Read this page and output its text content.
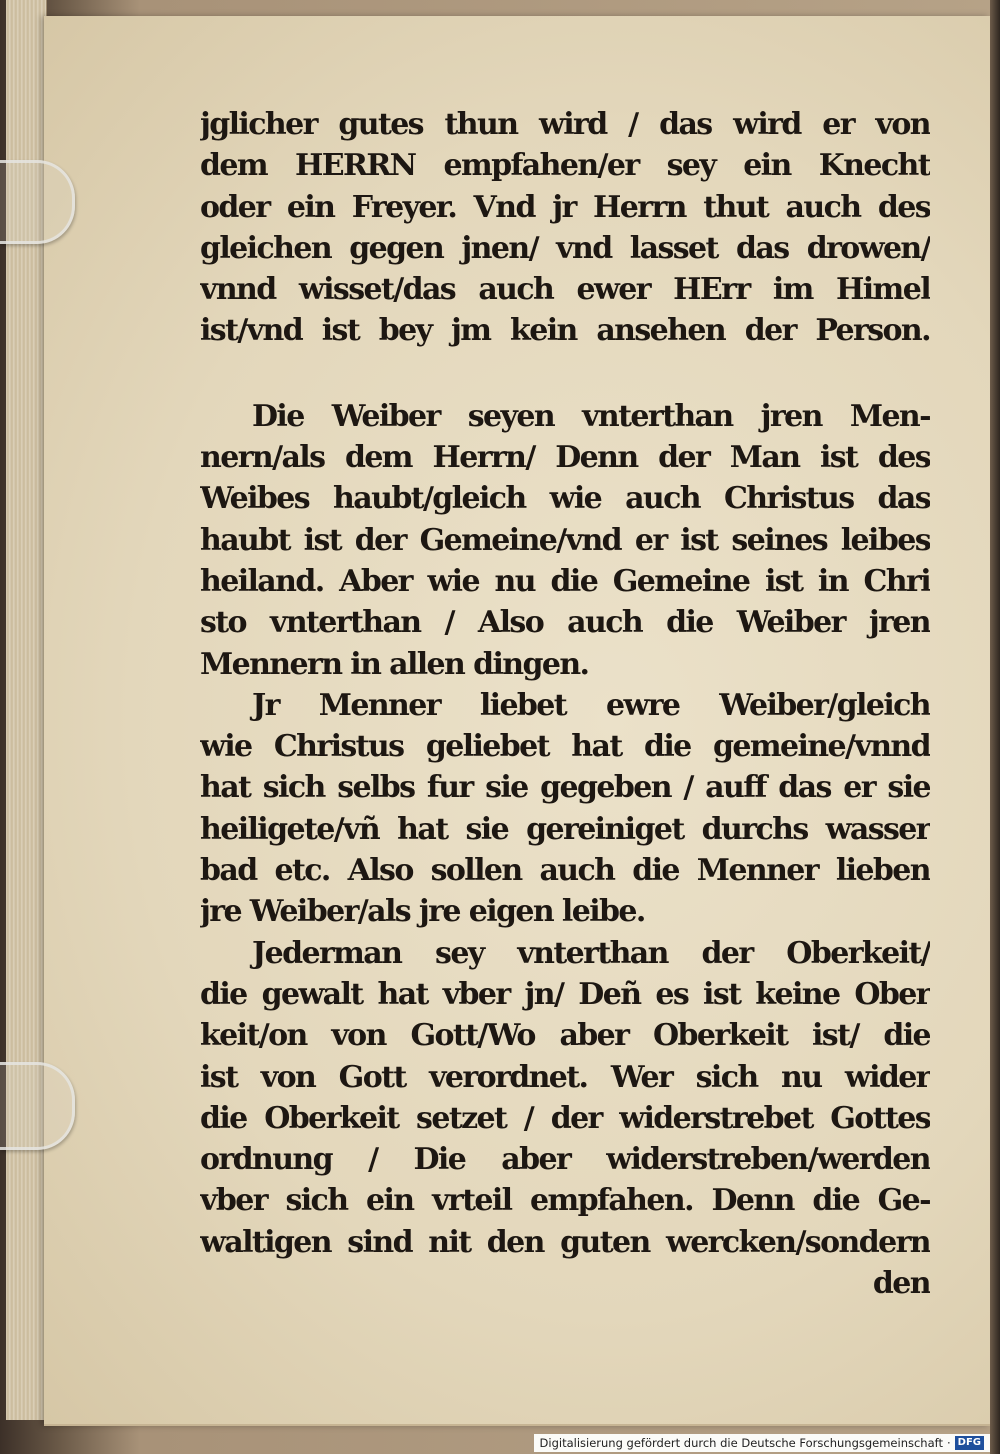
jglicher gutes thun wird / das wird er von
dem HERRN empfahen/er sey ein Knecht
oder ein Freyer. Vnd jr Herrn thut auch des
gleichen gegen jnen/ vnd lasset das drowen/
vnnd wisset/das auch ewer HErr im Himel
ist/vnd ist bey jm kein ansehen der Person.
Die Weiber seyen vnterthan jren Men-
nern/als dem Herrn/ Denn der Man ist des
Weibes haubt/gleich wie auch Christus das
haubt ist der Gemeine/vnd er ist seines leibes
heiland. Aber wie nu die Gemeine ist in Chri
sto vnterthan / Also auch die Weiber jren
Mennern in allen dingen.
Jr Menner liebet ewre Weiber/gleich
wie Christus geliebet hat die gemeine/vnnd
hat sich selbs fur sie gegeben / auff das er sie
heiligete/vñ hat sie gereiniget durchs wasser
bad etc. Also sollen auch die Menner lieben
jre Weiber/als jre eigen leibe.
Jederman sey vnterthan der Oberkeit/
die gewalt hat vber jn/ Deñ es ist keine Ober
keit/on von Gott/Wo aber Oberkeit ist/ die
ist von Gott verordnet. Wer sich nu wider
die Oberkeit setzet / der widerstrebet Gottes
ordnung / Die aber widerstreben/werden
vber sich ein vrteil empfahen. Denn die Ge-
waltigen sind nit den guten wercken/sondern
den
Digitalisierung gefördert durch die Deutsche Forschungsgemeinschaft · DFG
